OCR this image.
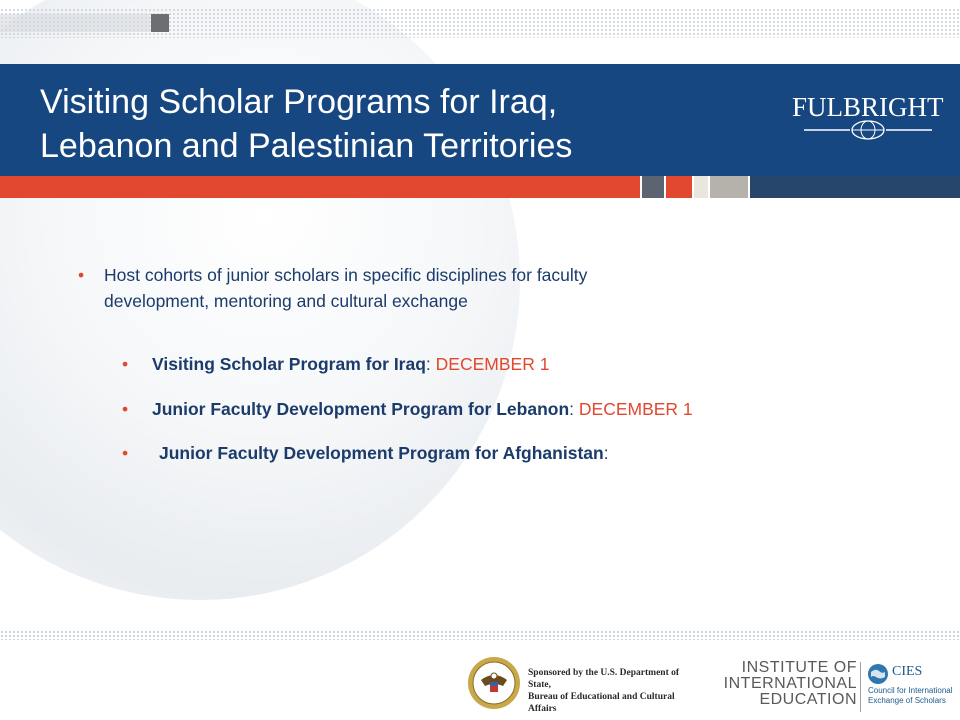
Visiting Scholar Programs for Iraq,
Lebanon and Palestinian Territories
FULBRIGHT
• Host cohorts of junior scholars in specific disciplines for faculty
development, mentoring and cultural exchange
• Visiting Scholar Program for Iraq: DECEMBER 1
• Junior Faculty Development Program for Lebanon: DECEMBER 1
• Junior Faculty Development Program for Afghanistan:
Sponsored by the U.S. Department of State,
Bureau of Educational and Cultural Affairs
INSTITUTE OF
INTERNATIONAL
EDUCATION
CIES
Council for International
Exchange of Scholars
